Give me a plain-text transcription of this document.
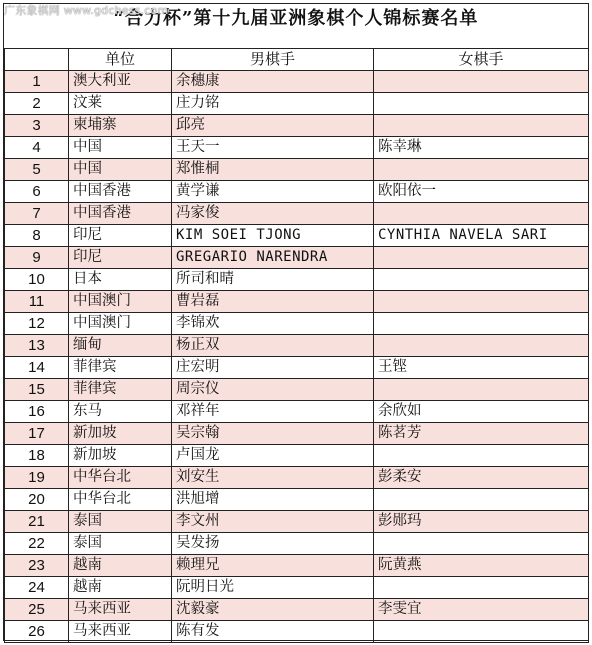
广东象棋网 www.gdchess.com
“合力杯”第十九届亚洲象棋个人锦标赛名单
	单位	男棋手	女棋手
1	澳大利亚	余穗康	
2	汶莱	庄力铭	
3	柬埔寨	邱亮	
4	中国	王天一	陈幸琳
5	中国	郑惟桐	
6	中国香港	黄学谦	欧阳依一
7	中国香港	冯家俊	
8	印尼	KIM SOEI TJONG	CYNTHIA NAVELA SARI
9	印尼	GREGARIO NARENDRA	
10	日本	所司和晴	
11	中国澳门	曹岩磊	
12	中国澳门	李锦欢	
13	缅甸	杨正双	
14	菲律宾	庄宏明	王铿
15	菲律宾	周宗仪	
16	东马	邓祥年	余欣如
17	新加坡	吴宗翰	陈茗芳
18	新加坡	卢国龙	
19	中华台北	刘安生	彭柔安
20	中华台北	洪旭增	
21	泰国	李文州	彭郧玛
22	泰国	吴发扬	
23	越南	赖理兄	阮黄燕
24	越南	阮明日光	
25	马来西亚	沈毅豪	李雯宜
26	马来西亚	陈有发	
